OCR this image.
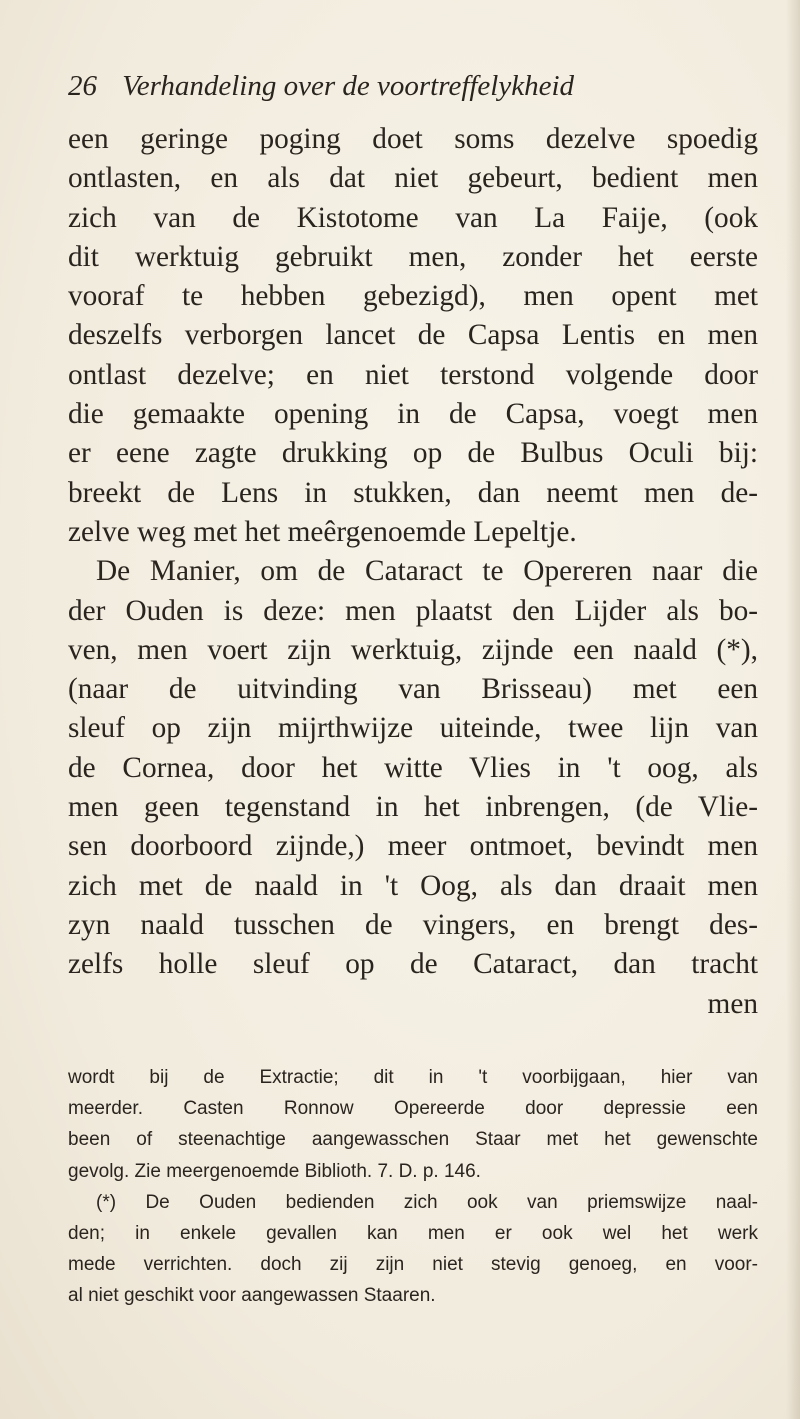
26 Verhandeling over de voortreffelykheid
een geringe poging doet soms dezelve spoedig
ontlasten, en als dat niet gebeurt, bedient men
zich van de Kistotome van La Faije, (ook
dit werktuig gebruikt men, zonder het eerste
vooraf te hebben gebezigd), men opent met
deszelfs verborgen lancet de Capsa Lentis en men
ontlast dezelve; en niet terstond volgende door
die gemaakte opening in de Capsa, voegt men
er eene zagte drukking op de Bulbus Oculi bij:
breekt de Lens in stukken, dan neemt men de-
zelve weg met het meêrgenoemde Lepeltje.
De Manier, om de Cataract te Opereren naar die
der Ouden is deze: men plaatst den Lijder als bo-
ven, men voert zijn werktuig, zijnde een naald (*),
(naar de uitvinding van Brisseau) met een
sleuf op zijn mijrthwijze uiteinde, twee lijn van
de Cornea, door het witte Vlies in 't oog, als
men geen tegenstand in het inbrengen, (de Vlie-
sen doorboord zijnde,) meer ontmoet, bevindt men
zich met de naald in 't Oog, als dan draait men
zyn naald tusschen de vingers, en brengt des-
zelfs holle sleuf op de Cataract, dan tracht
men
wordt bij de Extractie; dit in 't voorbijgaan, hier van
meerder. Casten Ronnow Opereerde door depressie een
been of steenachtige aangewasschen Staar met het gewenschte
gevolg. Zie meergenoemde Biblioth. 7. D. p. 146.
(*) De Ouden bedienden zich ook van priemswijze naal-
den; in enkele gevallen kan men er ook wel het werk
mede verrichten. doch zij zijn niet stevig genoeg, en voor-
al niet geschikt voor aangewassen Staaren.
